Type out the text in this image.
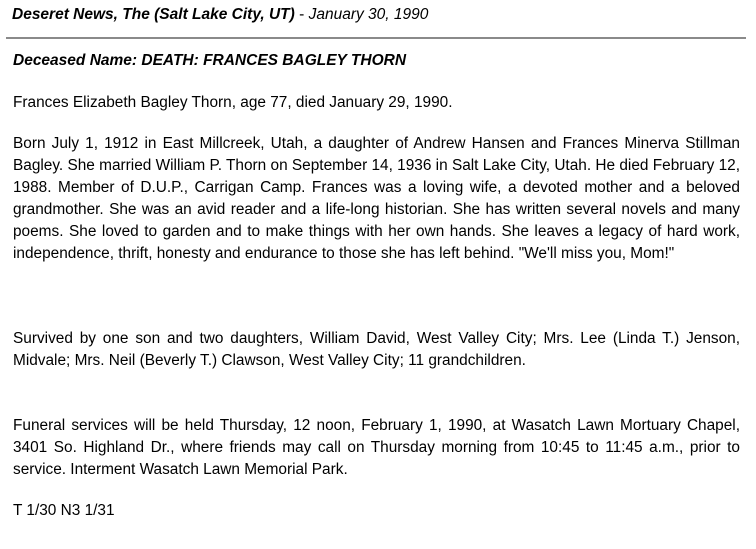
Deseret News, The (Salt Lake City, UT) - January 30, 1990
Deceased Name: DEATH: FRANCES BAGLEY THORN

Frances Elizabeth Bagley Thorn, age 77, died January 29, 1990.

Born July 1, 1912 in East Millcreek, Utah, a daughter of Andrew Hansen and Frances Minerva Stillman Bagley. She married William P. Thorn on September 14, 1936 in Salt Lake City, Utah. He died February 12, 1988. Member of D.U.P., Carrigan Camp. Frances was a loving wife, a devoted mother and a beloved grandmother. She was an avid reader and a life-long historian. She has written several novels and many poems. She loved to garden and to make things with her own hands. She leaves a legacy of hard work, independence, thrift, honesty and endurance to those she has left behind. "We'll miss you, Mom!"

Survived by one son and two daughters, William David, West Valley City; Mrs. Lee (Linda T.) Jenson, Midvale; Mrs. Neil (Beverly T.) Clawson, West Valley City; 11 grandchildren.

Funeral services will be held Thursday, 12 noon, February 1, 1990, at Wasatch Lawn Mortuary Chapel, 3401 So. Highland Dr., where friends may call on Thursday morning from 10:45 to 11:45 a.m., prior to service. Interment Wasatch Lawn Memorial Park.

T 1/30 N3 1/31
